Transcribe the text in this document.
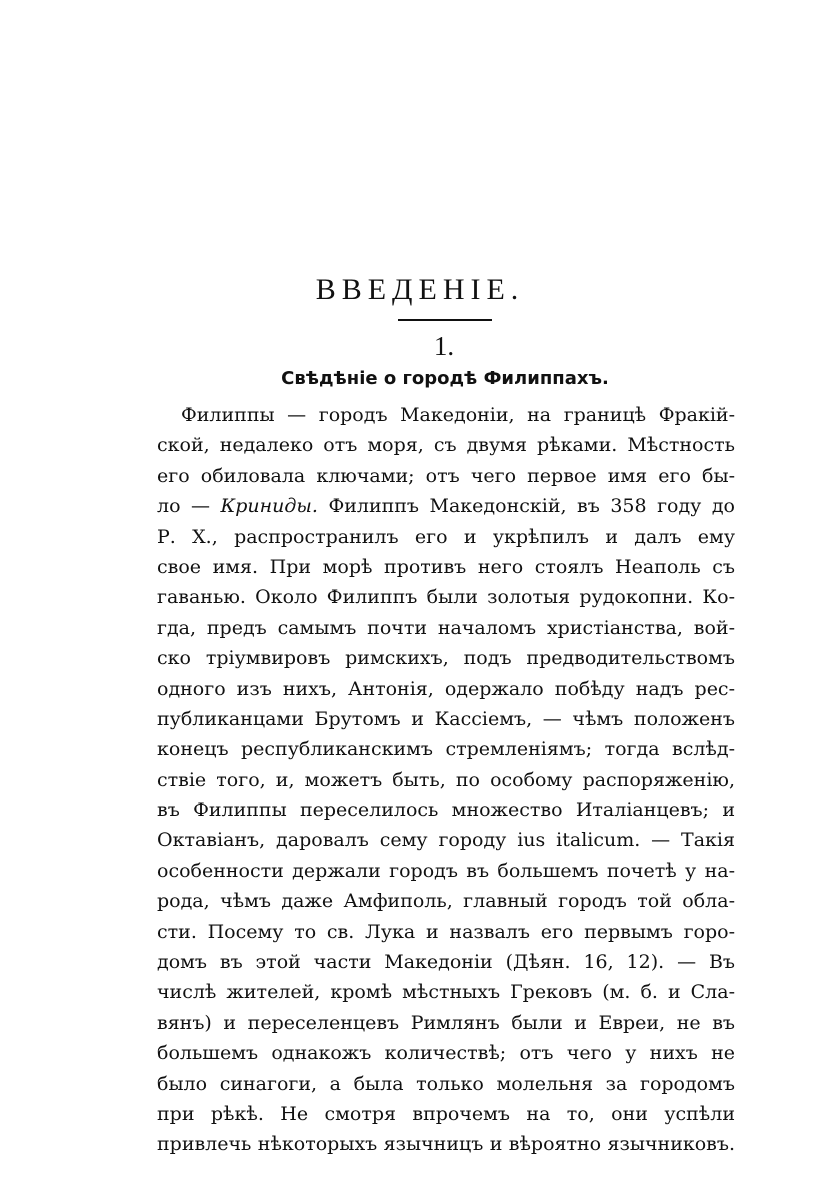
ВВЕДЕНІЕ.
1.
Свѣдѣніе о городѣ Филиппахъ.
Филиппы — городъ Македоніи, на границѣ Фракій-
ской, недалеко отъ моря, съ двумя рѣками. Мѣстность
его обиловала ключами; отъ чего первое имя его бы-
ло — Криниды. Филиппъ Македонскій, въ 358 году до
Р. Х., распространилъ его и укрѣпилъ и далъ ему
свое имя. При морѣ противъ него стоялъ Неаполь съ
гаванью. Около Филиппъ были золотыя рудокопни. Ко-
гда, предъ самымъ почти началомъ христіанства, вой-
ско тріумвировъ римскихъ, подъ предводительствомъ
одного изъ нихъ, Антонія, одержало побѣду надъ рес-
публиканцами Брутомъ и Кассіемъ, — чѣмъ положенъ
конецъ республиканскимъ стремленіямъ; тогда вслѣд-
ствіе того, и, можетъ быть, по особому распоряженію,
въ Филиппы переселилось множество Италіанцевъ; и
Октавіанъ, даровалъ сему городу ius italicum. — Такія
особенности держали городъ въ большемъ почетѣ у на-
рода, чѣмъ даже Амфиполь, главный городъ той обла-
сти. Посему то св. Лука и назвалъ его первымъ горо-
домъ въ этой части Македоніи (Дѣян. 16, 12). — Въ
числѣ жителей, кромѣ мѣстныхъ Грековъ (м. б. и Сла-
вянъ) и переселенцевъ Римлянъ были и Евреи, не въ
большемъ однакожъ количествѣ; отъ чего у нихъ не
было синагоги, а была только молельня за городомъ
при рѣкѣ. Не смотря впрочемъ на то, они успѣли
привлечь нѣкоторыхъ язычницъ и вѣроятно язычниковъ.
